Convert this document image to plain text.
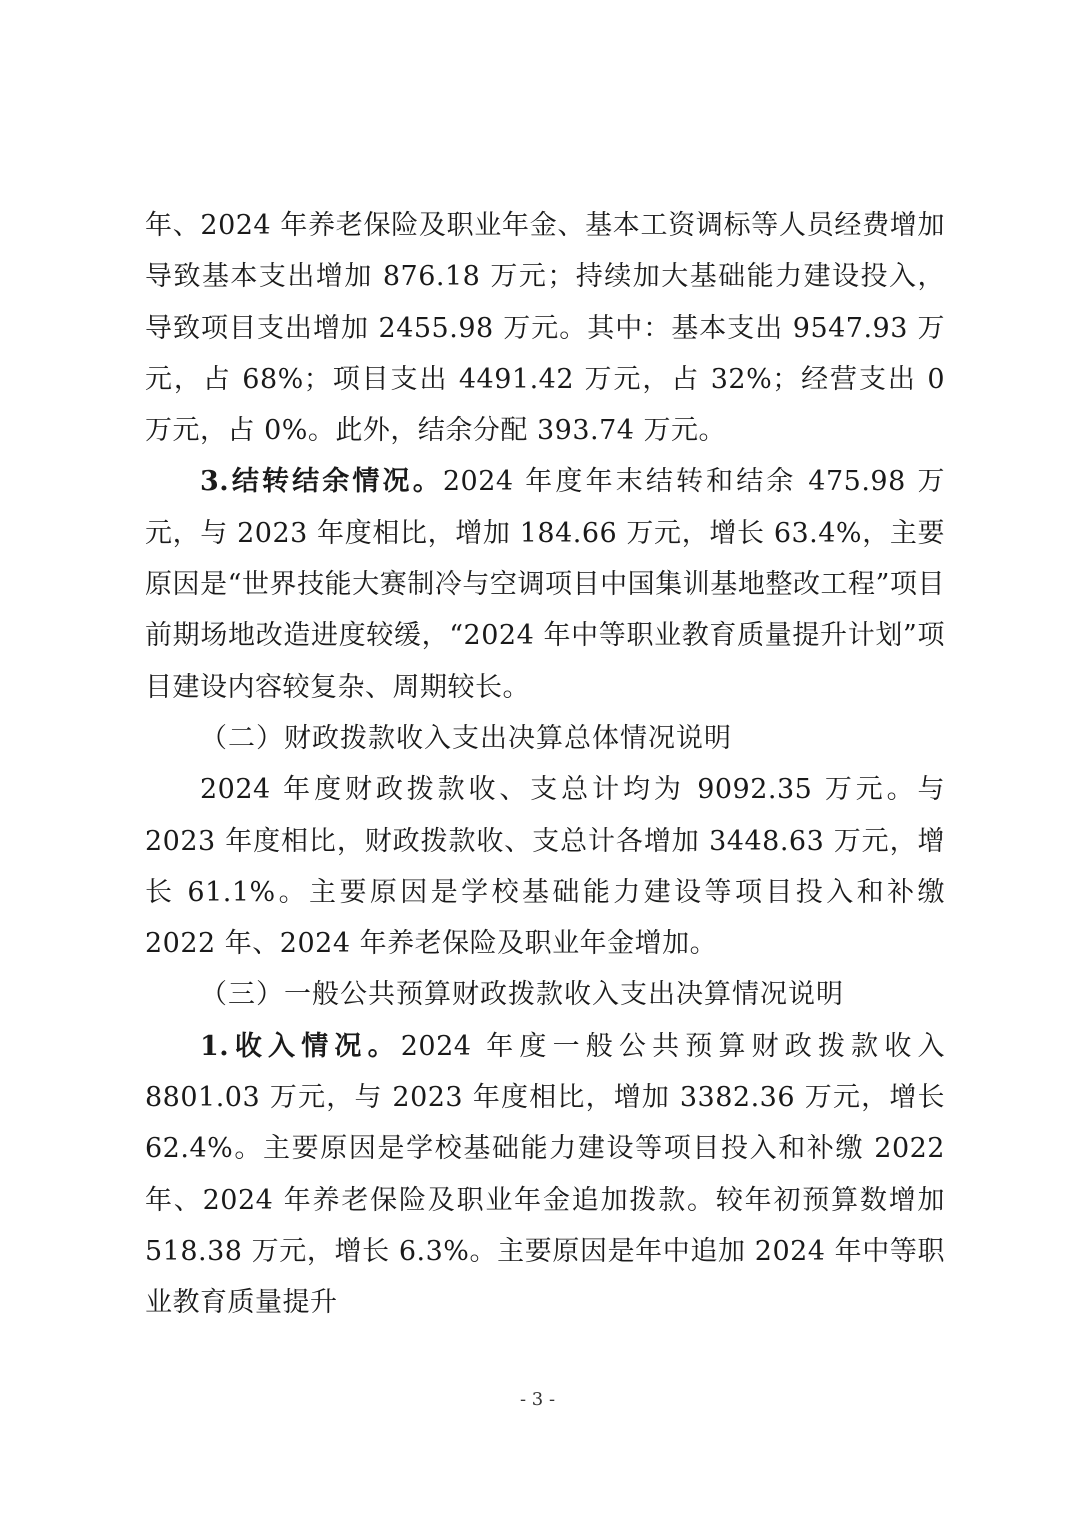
年、2024 年养老保险及职业年金、基本工资调标等人员经费增加导致基本支出增加 876.18 万元；持续加大基础能力建设投入，导致项目支出增加 2455.98 万元。其中：基本支出 9547.93 万元，占 68%；项目支出 4491.42 万元，占 32%；经营支出 0 万元，占 0%。此外，结余分配 393.74 万元。

3.结转结余情况。2024 年度年末结转和结余 475.98 万元，与 2023 年度相比，增加 184.66 万元，增长 63.4%，主要原因是“世界技能大赛制冷与空调项目中国集训基地整改工程”项目前期场地改造进度较缓，“2024 年中等职业教育质量提升计划”项目建设内容较复杂、周期较长。

（二）财政拨款收入支出决算总体情况说明

2024 年度财政拨款收、支总计均为 9092.35 万元。与 2023 年度相比，财政拨款收、支总计各增加 3448.63 万元，增长 61.1%。主要原因是学校基础能力建设等项目投入和补缴 2022 年、2024 年养老保险及职业年金增加。

（三）一般公共预算财政拨款收入支出决算情况说明

1.收入情况。2024 年度一般公共预算财政拨款收入 8801.03 万元，与 2023 年度相比，增加 3382.36 万元，增长 62.4%。主要原因是学校基础能力建设等项目投入和补缴 2022 年、2024 年养老保险及职业年金追加拨款。较年初预算数增加 518.38 万元，增长 6.3%。主要原因是年中追加 2024 年中等职业教育质量提升

- 3 -
